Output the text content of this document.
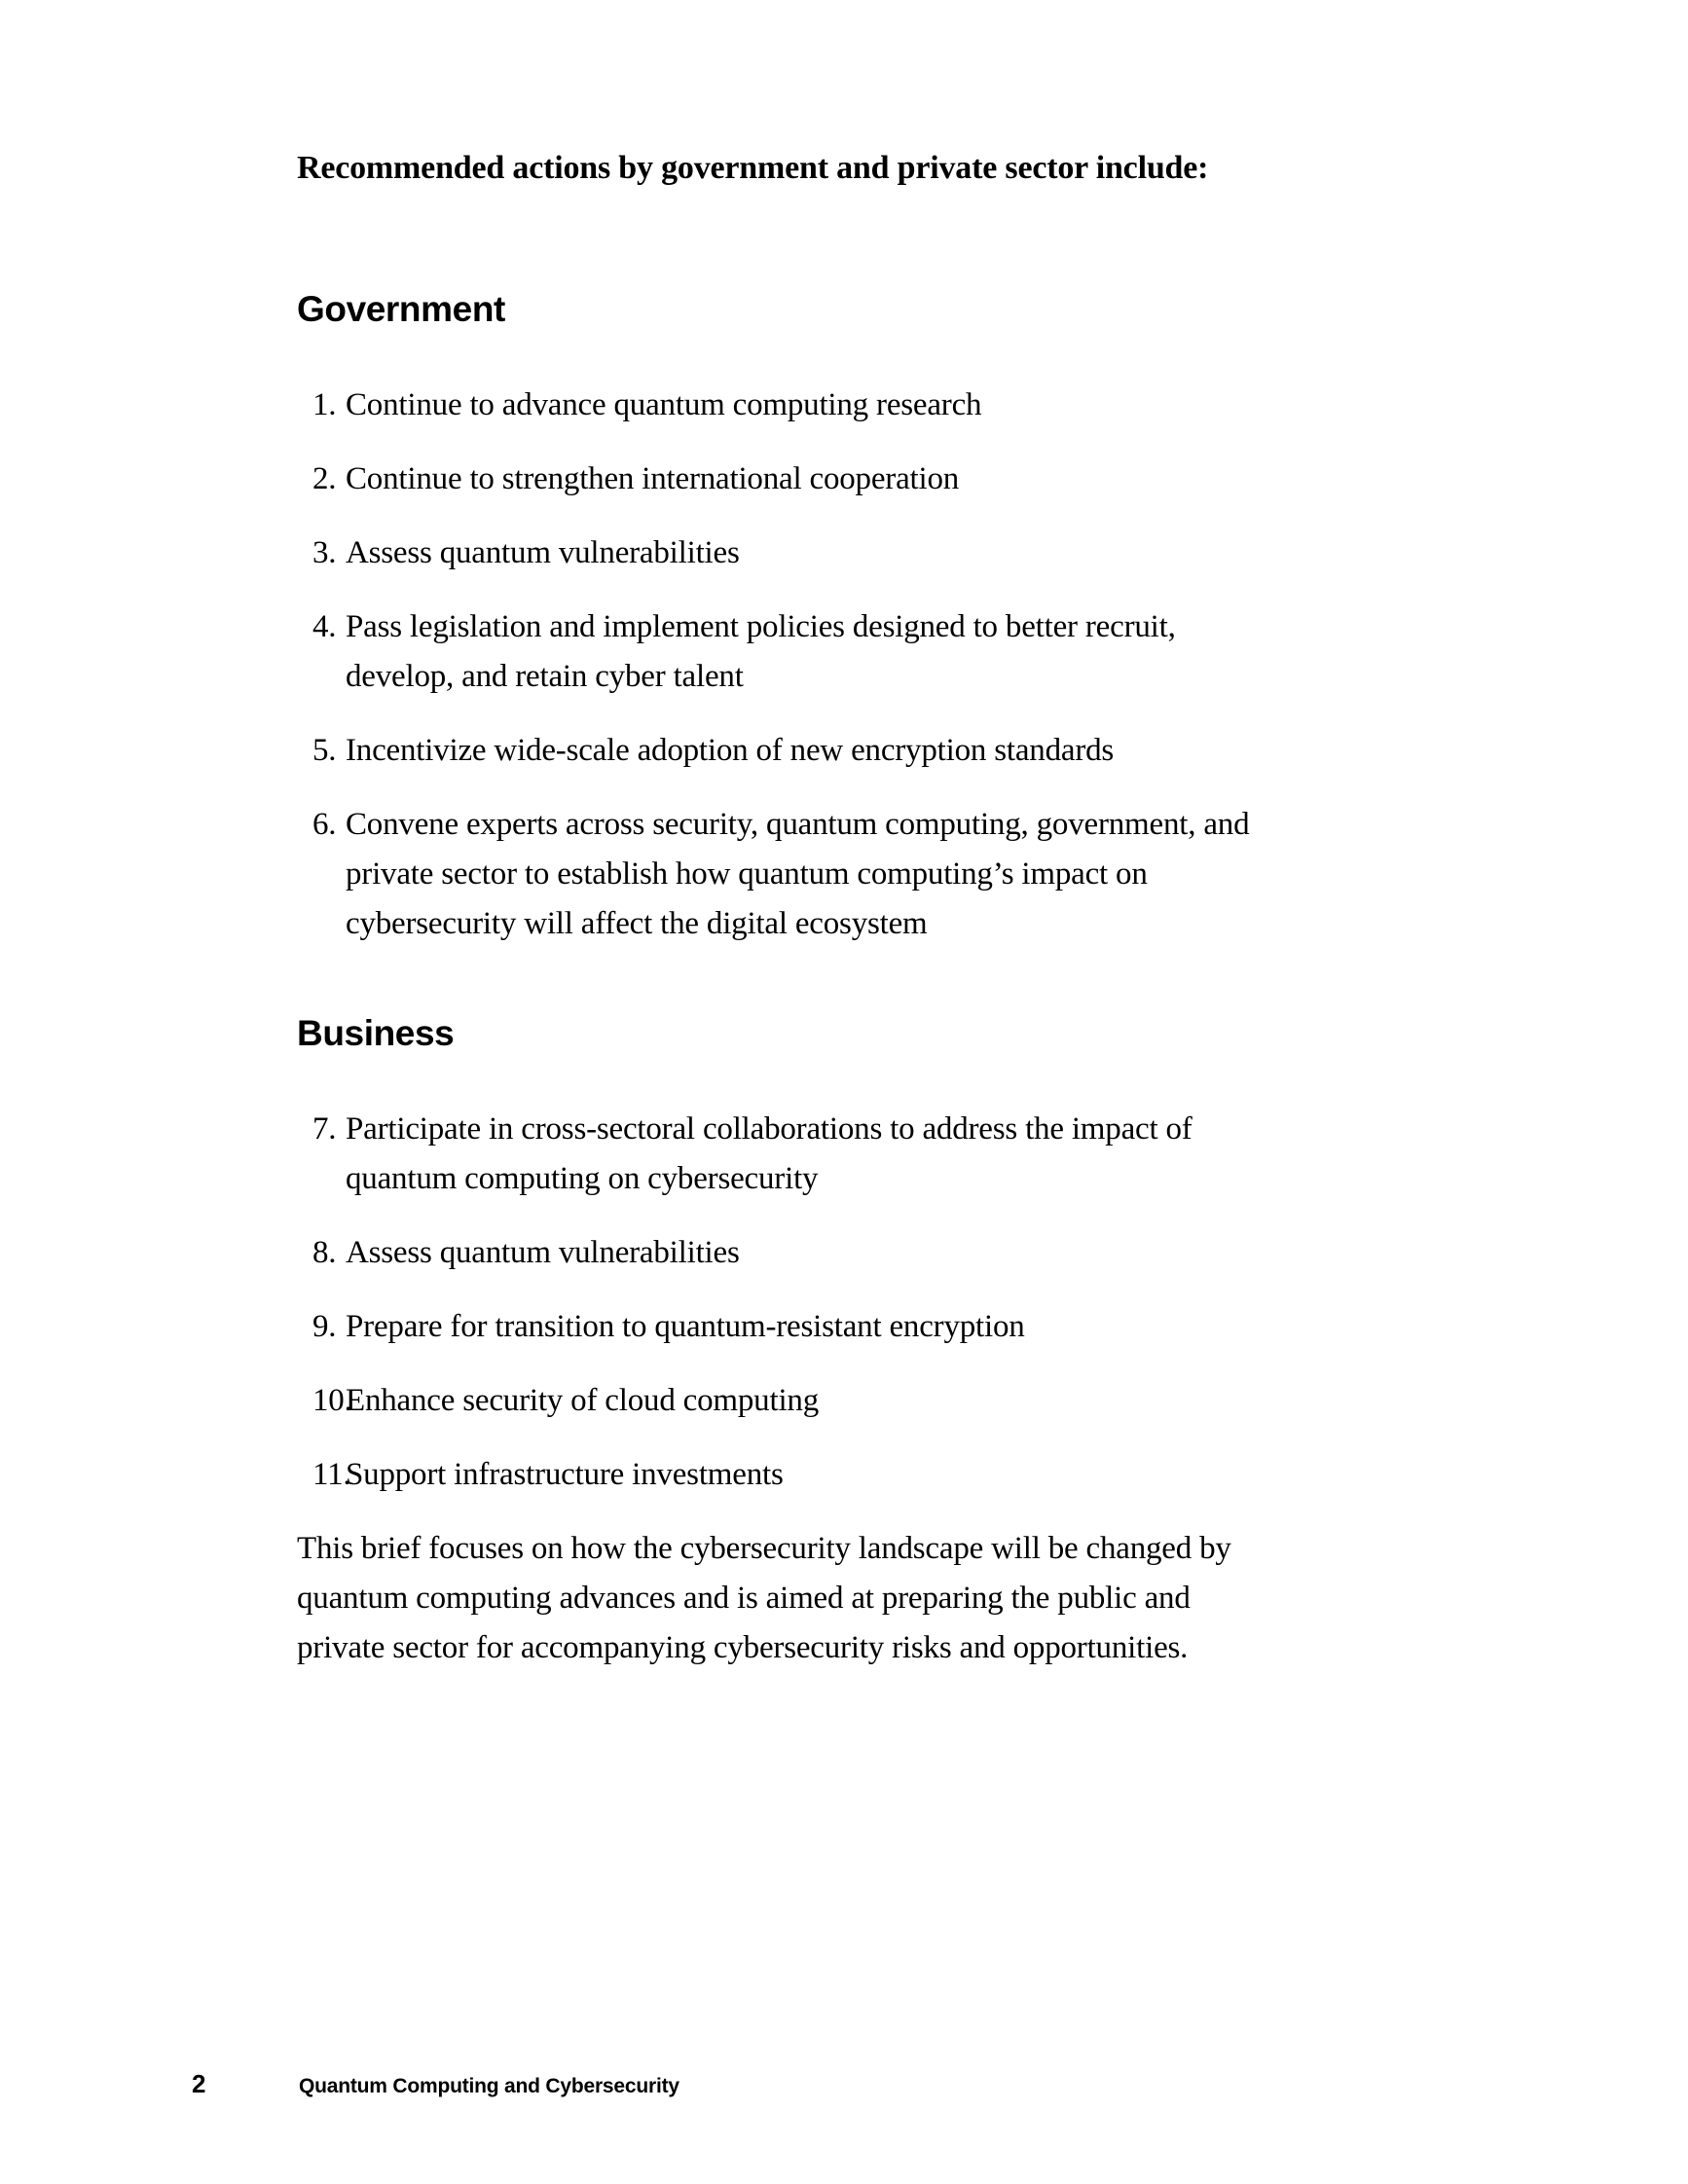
Recommended actions by government and private sector include:

Government
1. Continue to advance quantum computing research
2. Continue to strengthen international cooperation
3. Assess quantum vulnerabilities
4. Pass legislation and implement policies designed to better recruit, develop, and retain cyber talent
5. Incentivize wide-scale adoption of new encryption standards
6. Convene experts across security, quantum computing, government, and private sector to establish how quantum computing’s impact on cybersecurity will affect the digital ecosystem
Business
7. Participate in cross-sectoral collaborations to address the impact of quantum computing on cybersecurity
8. Assess quantum vulnerabilities
9. Prepare for transition to quantum-resistant encryption
10.
Enhance security of cloud computing
11.
Support infrastructure investments

This brief focuses on how the cybersecurity landscape will be changed by quantum computing advances and is aimed at preparing the public and private sector for accompanying cybersecurity risks and opportunities.

2	Quantum Computing and Cybersecurity
